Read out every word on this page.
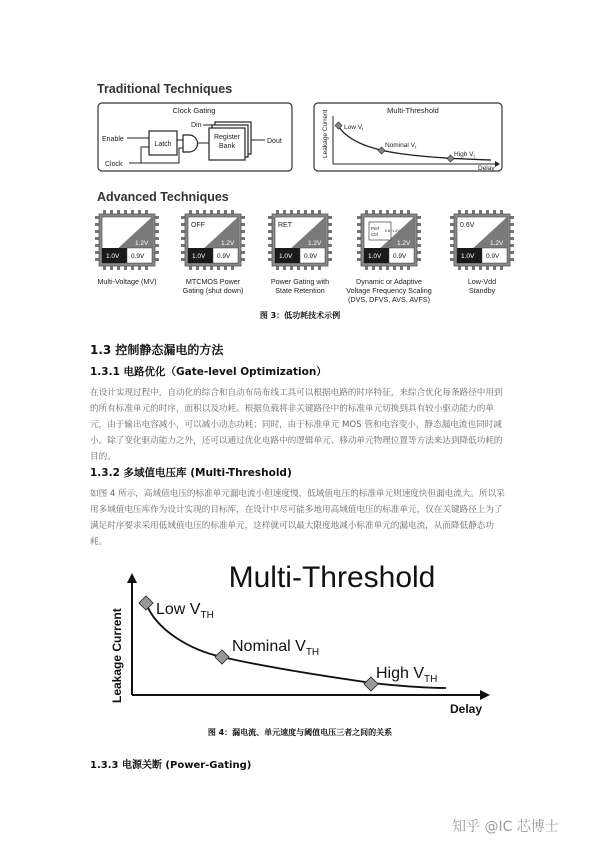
Traditional Techniques
Clock Gating
Enable
Clock
Latch
Din
Register
Bank
Dout
Multi-Threshold
Leakage Current
Delay
Low $V_t$
Nominal $V_t$
High $V_t$
Advanced Techniques
1.2V
1.0V 0.9V
Multi-Voltage (MV)
OFF
1.2V
1.0V 0.9V
MTCMOS Power
Gating (shut down)
RET
1.2V
1.0V 0.9V
Power Gating with
State Retention
Perf
Ctrl
0.8~1.2V
1.2V
1.0V 0.9V
Dynamic or Adaptive
Voltage Frequency Scaling
(DVS, DFVS, AVS, AVFS)
0.6V
1.2V
1.0V 0.9V
Low-Vdd
Standby
图 3：低功耗技术示例
1.3 控制静态漏电的方法
1.3.1 电路优化（Gate-level Optimization）
在设计实现过程中，自动化的综合和自动布局布线工具可以根据电路的时序特征，来综合优化每条路径中用到的所有标准单元的时序，面积以及功耗。根据负载将非关键路径中的标准单元切换到具有较小驱动能力的单元，由于输出电容减小，可以减小动态功耗；同时，由于标准单元 MOS 管和电容变小，静态漏电流也同时减小。除了变化驱动能力之外，还可以通过优化电路中的逻辑单元、移动单元物理位置等方法来达到降低功耗的目的。
1.3.2 多域值电压库 (Multi-Threshold)
如图 4 所示，高域值电压的标准单元漏电流小但速度慢，低域值电压的标准单元则速度快但漏电流大。所以采用多域值电压库作为设计实现的目标库，在设计中尽可能多地用高域值电压的标准单元，仅在关键路径上为了满足时序要求采用低域值电压的标准单元，这样就可以最大限度地减小标准单元的漏电流，从而降低静态功耗。
Multi-Threshold
Leakage Current
Delay
Low $V_{TH}$
Nominal $V_{TH}$
High $V_{TH}$
图 4：漏电流、单元速度与阈值电压三者之间的关系
1.3.3 电源关断 (Power-Gating)
知乎 @IC 芯博士
